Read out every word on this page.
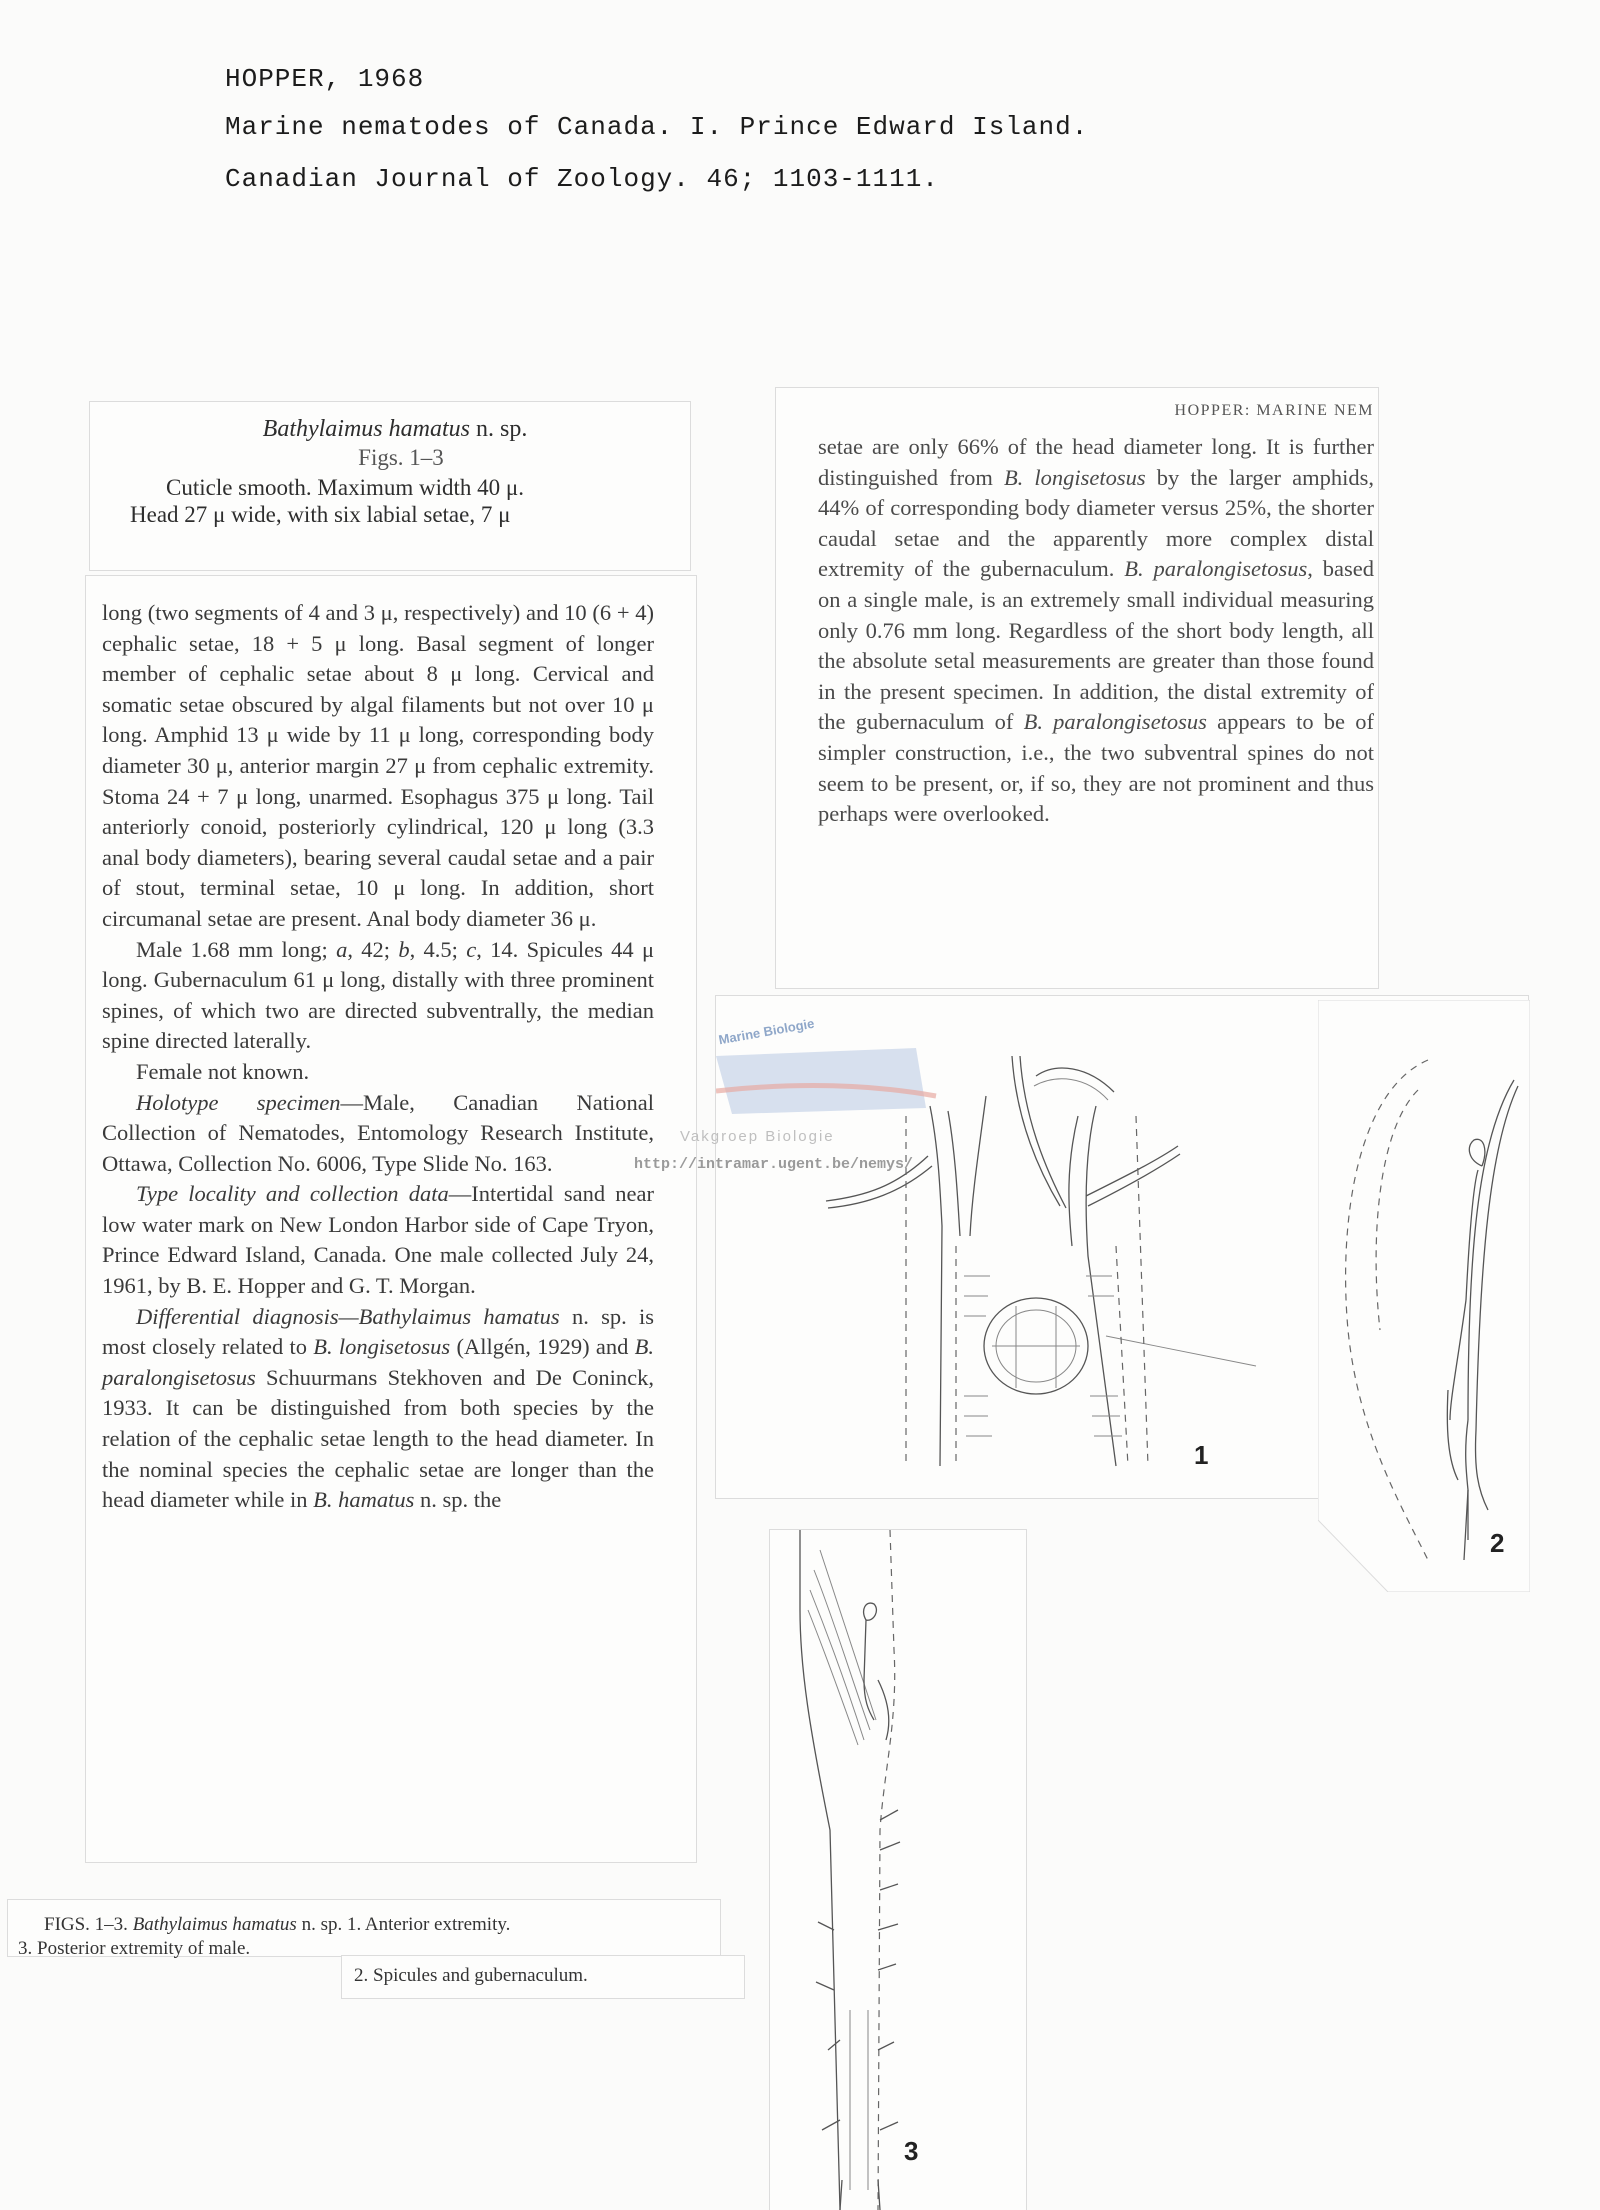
HOPPER, 1968

Marine nematodes of Canada. I. Prince Edward Island.

Canadian Journal of Zoology. 46; 1103-1111.

Bathylaimus hamatus n. sp.

Figs. 1–3

Cuticle smooth. Maximum width 40 μ.

Head 27 μ wide, with six labial setae, 7 μ

long (two segments of 4 and 3 μ, respectively) and 10 (6 + 4) cephalic setae, 18 + 5 μ long. Basal segment of longer member of cephalic setae about 8 μ long. Cervical and somatic setae obscured by algal filaments but not over 10 μ long. Amphid 13 μ wide by 11 μ long, corresponding body diameter 30 μ, anterior margin 27 μ from cephalic extremity. Stoma 24 + 7 μ long, unarmed. Esophagus 375 μ long. Tail anteriorly conoid, posteriorly cylindrical, 120 μ long (3.3 anal body diameters), bearing several caudal setae and a pair of stout, terminal setae, 10 μ long. In addition, short circumanal setae are present. Anal body diameter 36 μ.

Male 1.68 mm long; a, 42; b, 4.5; c, 14. Spicules 44 μ long. Gubernaculum 61 μ long, distally with three prominent spines, of which two are directed subventrally, the median spine directed laterally.

Female not known.

Holotype specimen—Male, Canadian National Collection of Nematodes, Entomology Research Institute, Ottawa, Collection No. 6006, Type Slide No. 163.

Type locality and collection data—Intertidal sand near low water mark on New London Harbor side of Cape Tryon, Prince Edward Island, Canada. One male collected July 24, 1961, by B. E. Hopper and G. T. Morgan.

Differential diagnosis—Bathylaimus hamatus n. sp. is most closely related to B. longisetosus (Allgén, 1929) and B. paralongisetosus Schuurmans Stekhoven and De Coninck, 1933. It can be distinguished from both species by the relation of the cephalic setae length to the head diameter. In the nominal species the cephalic setae are longer than the head diameter while in B. hamatus n. sp. the

HOPPER: MARINE NEM

setae are only 66% of the head diameter long. It is further distinguished from B. longisetosus by the larger amphids, 44% of corresponding body diameter versus 25%, the shorter caudal setae and the apparently more complex distal extremity of the gubernaculum. B. paralongisetosus, based on a single male, is an extremely small individual measuring only 0.76 mm long. Regardless of the short body length, all the absolute setal measurements are greater than those found in the present specimen. In addition, the distal extremity of the gubernaculum of B. paralongisetosus appears to be of simpler construction, i.e., the two subventral spines do not seem to be present, or, if so, they are not prominent and thus perhaps were overlooked.

Marine Biologie
Vakgroep Biologie
http://intramar.ugent.be/nemys/
1
2
3

FIGS. 1–3. Bathylaimus hamatus n. sp. 1. Anterior extremity.

3. Posterior extremity of male.

2. Spicules and gubernaculum.
